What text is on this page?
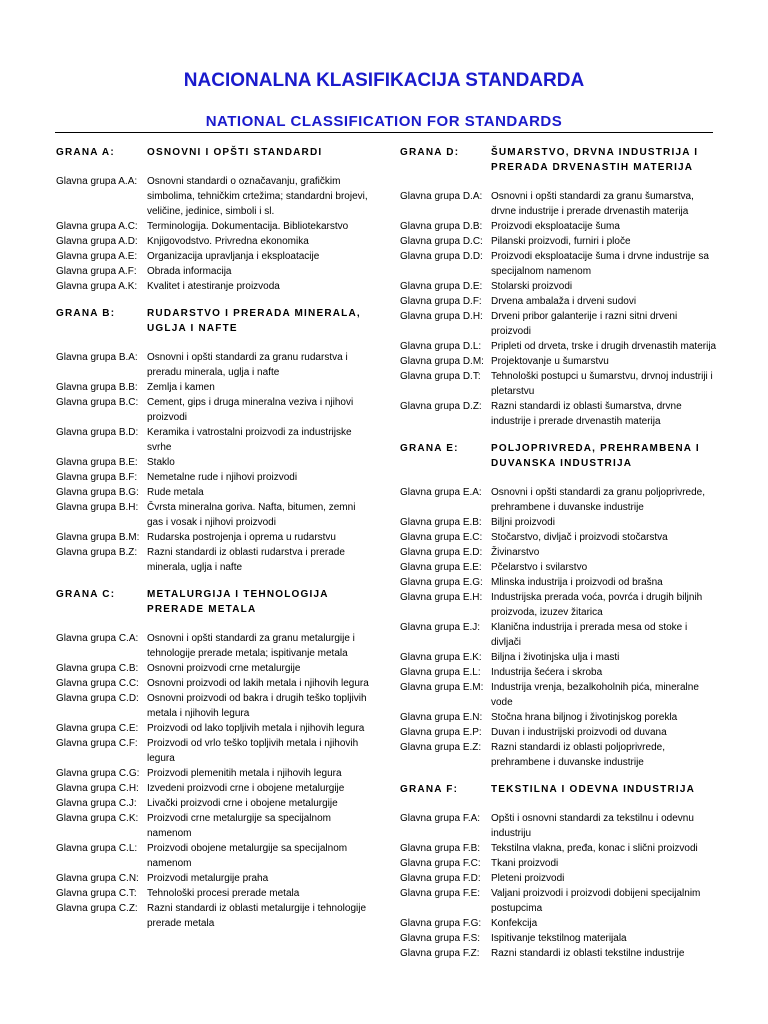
NACIONALNA KLASIFIKACIJA STANDARDA
NATIONAL CLASSIFICATION FOR STANDARDS
GRANA A:	OSNOVNI I OPŠTI STANDARDI
Glavna grupa A.A: Osnovni standardi o označavanju, grafičkim simbolima, tehničkim crtežima; standardni brojevi, veličine, jedinice, simboli i sl.
Glavna grupa A.C: Terminologija. Dokumentacija. Bibliotekarstvo
Glavna grupa A.D: Knjigovodstvo. Privredna ekonomika
Glavna grupa A.E: Organizacija upravljanja i eksploatacije
Glavna grupa A.F:	Obrada informacija
Glavna grupa A.K: Kvalitet i atestiranje proizvoda
GRANA B:	RUDARSTVO I PRERADA MINERALA, UGLJA I NAFTE
Glavna grupa B.A: Osnovni i opšti standardi za granu rudarstva i preradu minerala, uglja i nafte
Glavna grupa B.B: Zemlja i kamen
Glavna grupa B.C: Cement, gips i druga mineralna veziva i njihovi proizvodi
Glavna grupa B.D: Keramika i vatrostalni proizvodi za industrijske svrhe
Glavna grupa B.E: Staklo
Glavna grupa B.F: Nemetalne rude i njihovi proizvodi
Glavna grupa B.G: Rude metala
Glavna grupa B.H: Čvrsta mineralna goriva. Nafta, bitumen, zemni gas i vosak i njihovi proizvodi
Glavna grupa B.M: Rudarska postrojenja i oprema u rudarstvu
Glavna grupa B.Z: Razni standardi iz oblasti rudarstva i prerade minerala, uglja i nafte
GRANA C:	METALURGIJA I TEHNOLOGIJA PRERADE METALA
Glavna grupa C.A: Osnovni i opšti standardi za granu metalurgije i tehnologije prerade metala; ispitivanje metala
Glavna grupa C.B: Osnovni proizvodi crne metalurgije
Glavna grupa C.C: Osnovni proizvodi od lakih metala i njihovih legura
Glavna grupa C.D: Osnovni proizvodi od bakra i drugih teško topljivih metala i njihovih legura
Glavna grupa C.E: Proizvodi od lako topljivih metala i njihovih legura
Glavna grupa C.F: Proizvodi od vrlo teško topljivih metala i njihovih legura
Glavna grupa C.G: Proizvodi plemenitih metala i njihovih legura
Glavna grupa C.H: Izvedeni proizvodi crne i obojene metalurgije
Glavna grupa C.J:	Livački proizvodi crne i obojene metalurgije
Glavna grupa C.K: Proizvodi crne metalurgije sa specijalnom namenom
Glavna grupa C.L: Proizvodi obojene metalurgije sa specijalnom namenom
Glavna grupa C.N: Proizvodi metalurgije praha
Glavna grupa C.T:	Tehnološki procesi prerade metala
Glavna grupa C.Z: Razni standardi iz oblasti metalurgije i tehnologije prerade metala
GRANA D:	ŠUMARSTVO, DRVNA INDUSTRIJA I PRERADA DRVENASTIH MATERIJA
Glavna grupa D.A: Osnovni i opšti standardi za granu šumarstva, drvne industrije i prerade drvenastih materija
Glavna grupa D.B: Proizvodi eksploatacije šuma
Glavna grupa D.C: Pilanski proizvodi, furniri i ploče
Glavna grupa D.D: Proizvodi eksploatacije šuma i drvne industrije sa specijalnom namenom
Glavna grupa D.E: Stolarski proizvodi
Glavna grupa D.F: Drvena ambalaža i drveni sudovi
Glavna grupa D.H: Drveni pribor galanterije i razni sitni drveni proizvodi
Glavna grupa D.L: Pripleti od drveta, trske i drugih drvenastih materija
Glavna grupa D.M: Projektovanje u šumarstvu
Glavna grupa D.T:	Tehnološki postupci u šumarstvu, drvnoj industriji i pletarstvu
Glavna grupa D.Z: Razni standardi iz oblasti šumarstva, drvne industrije i prerade drvenastih materija
GRANA E:	POLJOPRIVREDA, PREHRAMBENA I DUVANSKA INDUSTRIJA
Glavna grupa E.A: Osnovni i opšti standardi za granu poljoprivrede, prehrambene i duvanske industrije
Glavna grupa E.B: Biljni proizvodi
Glavna grupa E.C: Stočarstvo, divljač i proizvodi stočarstva
Glavna grupa E.D: Živinarstvo
Glavna grupa E.E: Pčelarstvo i svilarstvo
Glavna grupa E.G: Mlinska industrija i proizvodi od brašna
Glavna grupa E.H: Industrijska prerada voća, povrća i drugih biljnih proizvoda, izuzev žitarica
Glavna grupa E.J:	Klanična industrija i prerada mesa od stoke i divljači
Glavna grupa E.K: Biljna i životinjska ulja i masti
Glavna grupa E.L:	Industrija šećera i skroba
Glavna grupa E.M: Industrija vrenja, bezalkoholnih pića, mineralne vode
Glavna grupa E.N: Stočna hrana biljnog i životinjskog porekla
Glavna grupa E.P: Duvan i industrijski proizvodi od duvana
Glavna grupa E.Z: Razni standardi iz oblasti poljoprivrede, prehrambene i duvanske industrije
GRANA F:	TEKSTILNA I ODEVNA INDUSTRIJA
Glavna grupa F.A:	Opšti i osnovni standardi za tekstilnu i odevnu industriju
Glavna grupa F.B:	Tekstilna vlakna, pređa, konac i slični proizvodi
Glavna grupa F.C:	Tkani proizvodi
Glavna grupa F.D:	Pleteni proizvodi
Glavna grupa F.E:	Valjani proizvodi i proizvodi dobijeni specijalnim postupcima
Glavna grupa F.G: Konfekcija
Glavna grupa F.S:	Ispitivanje tekstilnog materijala
Glavna grupa F.Z:	Razni standardi iz oblasti tekstilne industrije
